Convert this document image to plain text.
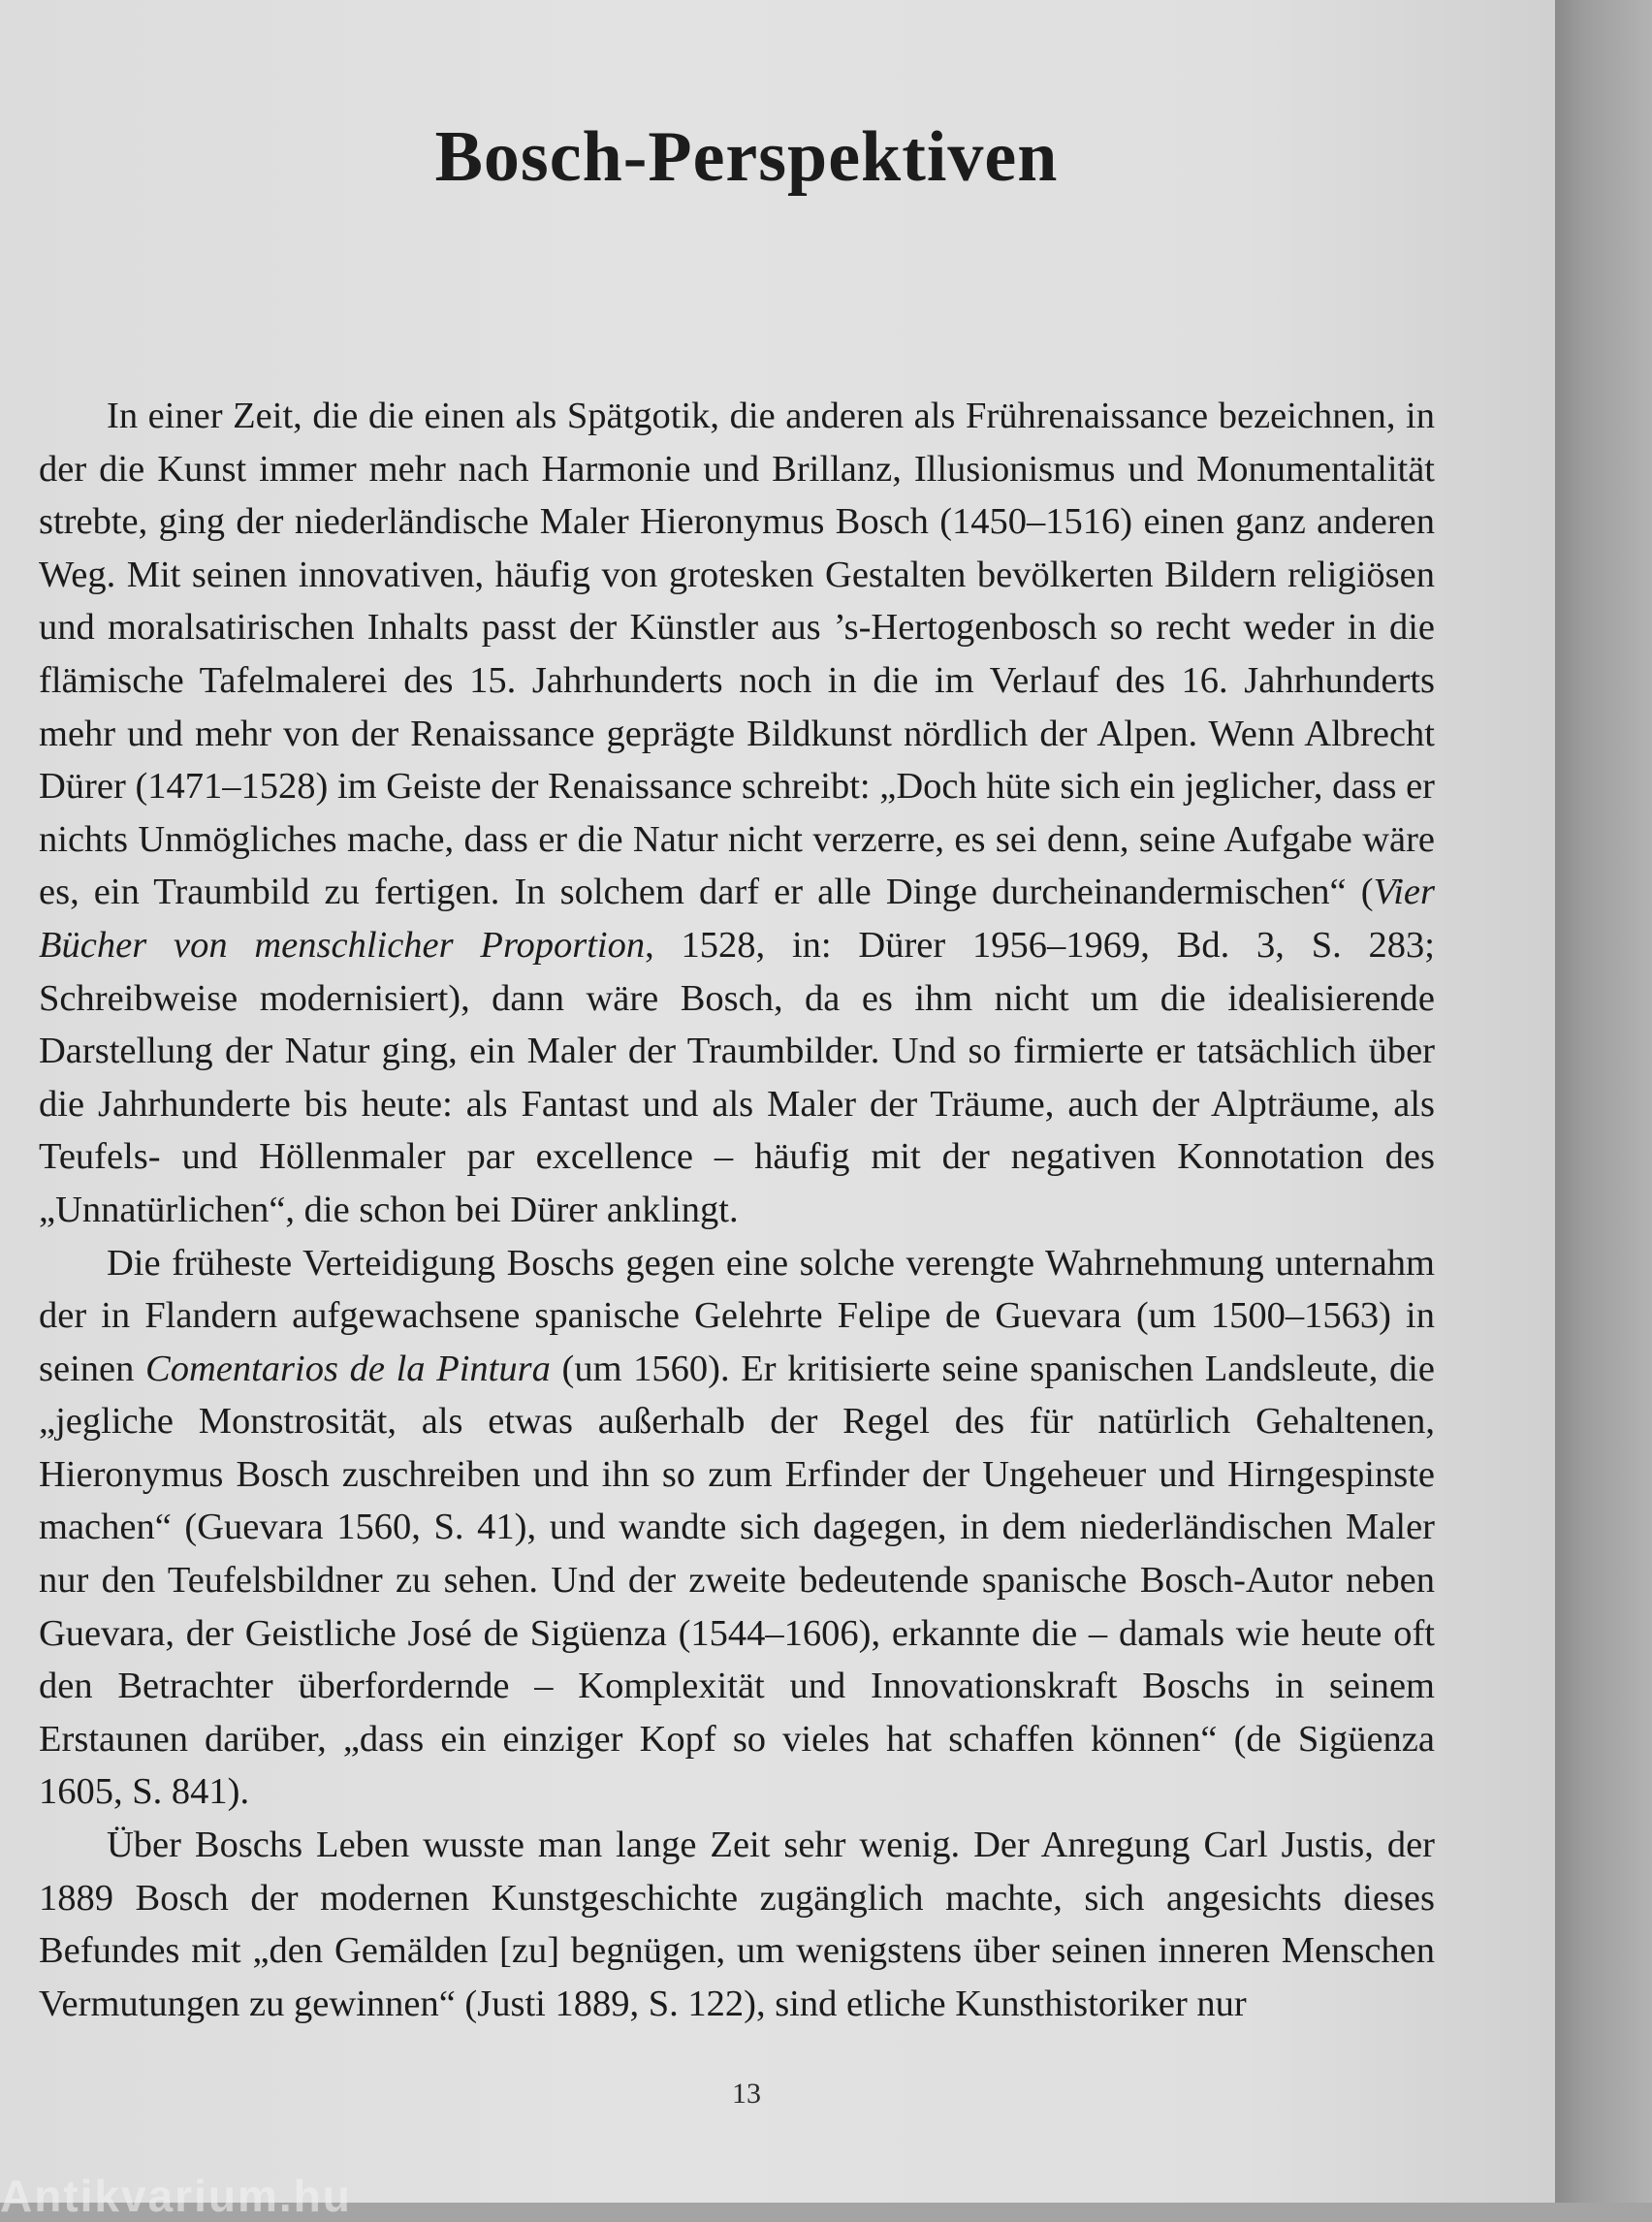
Bosch-Perspektiven

In einer Zeit, die die einen als Spätgotik, die anderen als Frührenaissance bezeichnen, in der die Kunst immer mehr nach Harmonie und Brillanz, Illusionismus und Monumentalität strebte, ging der niederländische Maler Hieronymus Bosch (1450–1516) einen ganz anderen Weg. Mit seinen innovativen, häufig von grotesken Gestalten bevölkerten Bildern religiösen und moralsatirischen Inhalts passt der Künstler aus ’s-Hertogenbosch so recht weder in die flämische Tafelmalerei des 15. Jahrhunderts noch in die im Verlauf des 16. Jahrhunderts mehr und mehr von der Renaissance geprägte Bildkunst nördlich der Alpen. Wenn Albrecht Dürer (1471–1528) im Geiste der Renaissance schreibt: „Doch hüte sich ein jeglicher, dass er nichts Unmögliches mache, dass er die Natur nicht verzerre, es sei denn, seine Aufgabe wäre es, ein Traumbild zu fertigen. In solchem darf er alle Dinge durcheinandermischen“ (Vier Bücher von menschlicher Proportion, 1528, in: Dürer 1956–1969, Bd. 3, S. 283; Schreibweise modernisiert), dann wäre Bosch, da es ihm nicht um die idealisierende Darstellung der Natur ging, ein Maler der Traumbilder. Und so firmierte er tatsächlich über die Jahrhunderte bis heute: als Fantast und als Maler der Träume, auch der Alpträume, als Teufels- und Höllenmaler par excellence – häufig mit der negativen Konnotation des „Unnatürlichen“, die schon bei Dürer anklingt.

Die früheste Verteidigung Boschs gegen eine solche verengte Wahrnehmung unternahm der in Flandern aufgewachsene spanische Gelehrte Felipe de Guevara (um 1500–1563) in seinen Comentarios de la Pintura (um 1560). Er kritisierte seine spanischen Landsleute, die „jegliche Monstrosität, als etwas außerhalb der Regel des für natürlich Gehaltenen, Hieronymus Bosch zuschreiben und ihn so zum Erfinder der Ungeheuer und Hirngespinste machen“ (Guevara 1560, S. 41), und wandte sich dagegen, in dem niederländischen Maler nur den Teufelsbildner zu sehen. Und der zweite bedeutende spanische Bosch-Autor neben Guevara, der Geistliche José de Sigüenza (1544–1606), erkannte die – damals wie heute oft den Betrachter überfordernde – Komplexität und Innovationskraft Boschs in seinem Erstaunen darüber, „dass ein einziger Kopf so vieles hat schaffen können“ (de Sigüenza 1605, S. 841).

Über Boschs Leben wusste man lange Zeit sehr wenig. Der Anregung Carl Justis, der 1889 Bosch der modernen Kunstgeschichte zugänglich machte, sich angesichts dieses Befundes mit „den Gemälden [zu] begnügen, um wenigstens über seinen inneren Menschen Vermutungen zu gewinnen“ (Justi 1889, S. 122), sind etliche Kunsthistoriker nur

13
Antikvarium.hu
